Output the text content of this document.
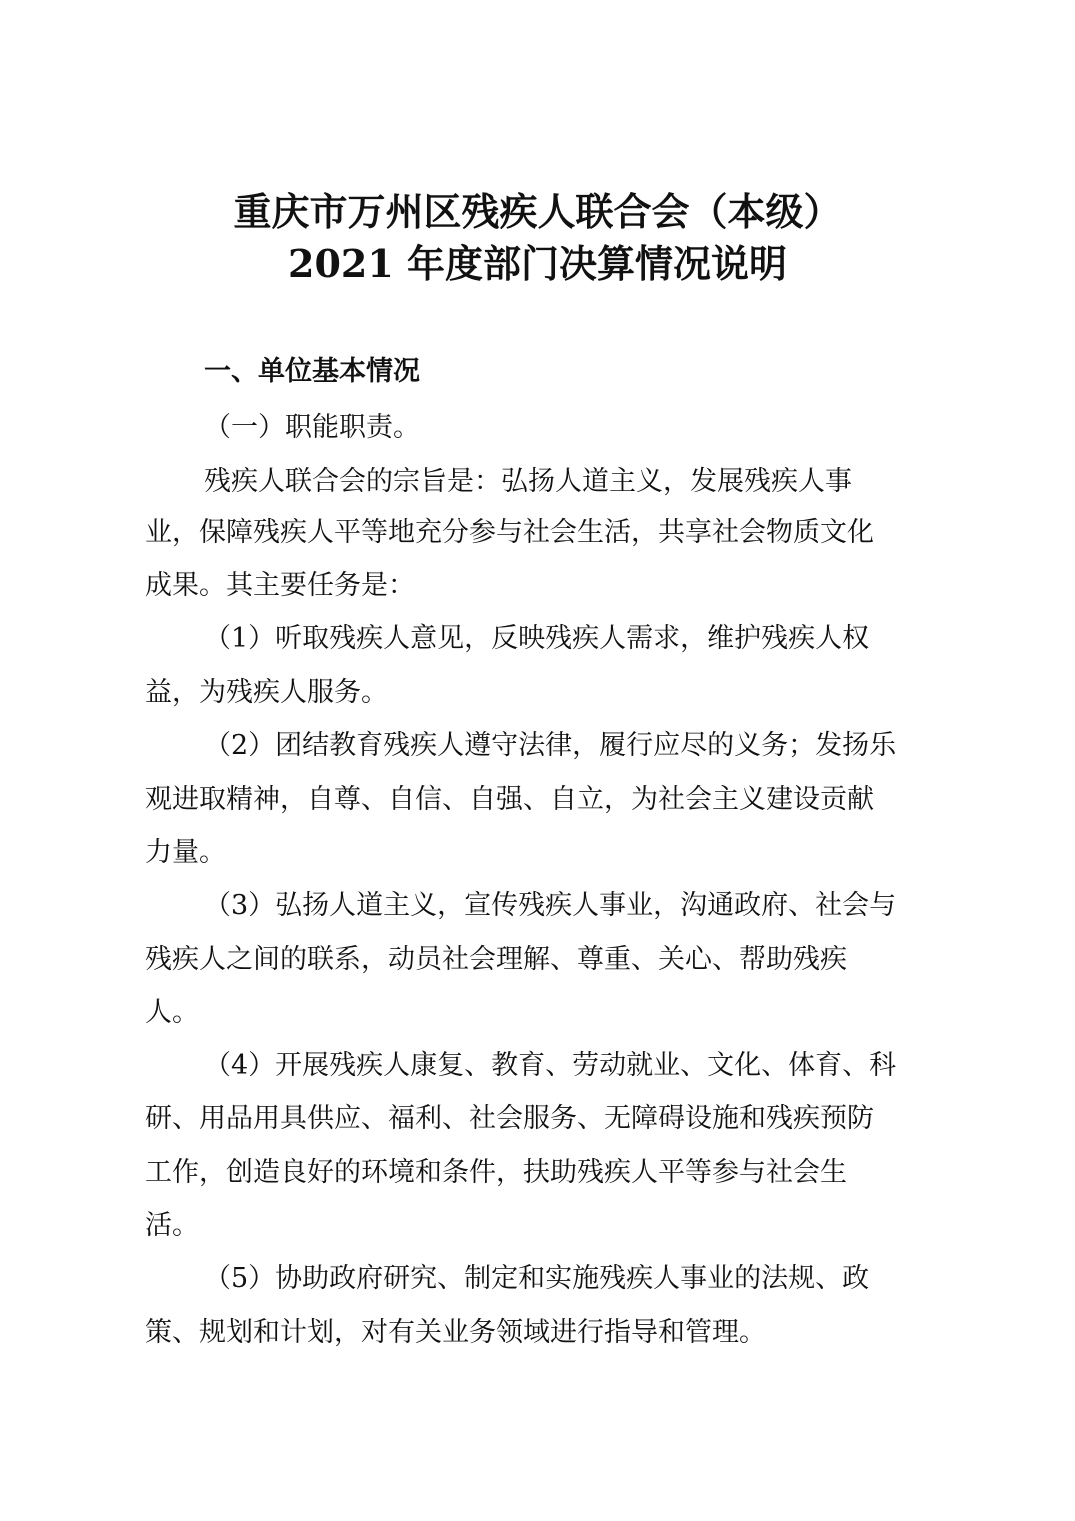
重庆市万州区残疾人联合会（本级）
2021 年度部门决算情况说明
一、单位基本情况
（一）职能职责。
残疾人联合会的宗旨是：弘扬人道主义，发展残疾人事
业，保障残疾人平等地充分参与社会生活，共享社会物质文化
成果。其主要任务是：
（1）听取残疾人意见，反映残疾人需求，维护残疾人权
益，为残疾人服务。
（2）团结教育残疾人遵守法律，履行应尽的义务；发扬乐
观进取精神，自尊、自信、自强、自立，为社会主义建设贡献
力量。
（3）弘扬人道主义，宣传残疾人事业，沟通政府、社会与
残疾人之间的联系，动员社会理解、尊重、关心、帮助残疾
人。
（4）开展残疾人康复、教育、劳动就业、文化、体育、科
研、用品用具供应、福利、社会服务、无障碍设施和残疾预防
工作，创造良好的环境和条件，扶助残疾人平等参与社会生
活。
（5）协助政府研究、制定和实施残疾人事业的法规、政
策、规划和计划，对有关业务领域进行指导和管理。
